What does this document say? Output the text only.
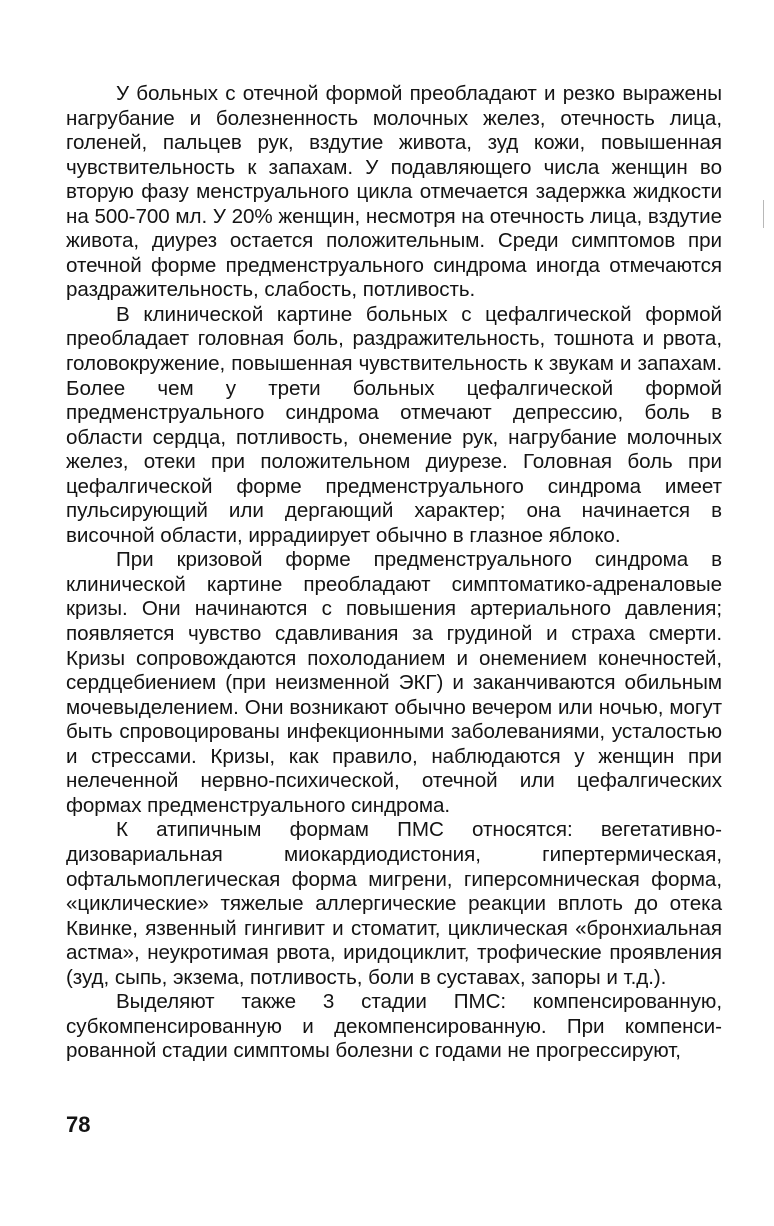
У больных с отечной формой преобладают и резко выражены нагрубание и болезненность молочных желез, отечность лица, голеней, пальцев рук, вздутие живота, зуд кожи, повышенная чувствительность к запахам. У подавляющего числа женщин во вторую фазу менструального цикла отмечается задержка жидкости на 500-700 мл. У 20% женщин, несмотря на отечность лица, вздутие живота, диурез остается положительным. Среди симптомов при отечной форме предменструального синдрома иногда отмечаются раздражительность, слабость, потливость.

В клинической картине больных с цефалгической формой преобладает головная боль, раздражительность, тошнота и рвота, головокружение, повышенная чувствительность к звукам и запахам. Более чем у трети больных цефалгической формой предменструального синдрома отмечают депрессию, боль в области сердца, потливость, онемение рук, нагрубание молочных желез, отеки при положительном диурезе. Головная боль при цефалгической форме предменструального синдрома имеет пульсирующий или дергающий характер; она начинается в височной области, иррадиирует обычно в глазное яблоко.

При кризовой форме предменструального синдрома в клинической картине преобладают симптоматико-адреналовые кризы. Они начинаются с повышения артериального давления; появляется чувство сдавливания за грудиной и страха смерти. Кризы сопровождаются похолоданием и онемением конечностей, сердцебиением (при неизменной ЭКГ) и заканчиваются обильным мочевыделением. Они возникают обычно вечером или ночью, могут быть спровоцированы инфекционными заболеваниями, усталостью и стрессами. Кризы, как правило, наблюдаются у женщин при нелеченной нервно-психической, отечной или цефалгических формах предменструального синдрома.

К атипичным формам ПМС относятся: вегетативно-дизовариальная миокардиодистония, гипертермическая, офтальмоплегическая форма мигрени, гиперсомническая форма, «циклические» тяжелые аллергические реакции вплоть до отека Квинке, язвенный гингивит и стоматит, циклическая «бронхиальная астма», неукротимая рвота, иридоциклит, трофические проявления (зуд, сыпь, экзема, потливость, боли в суставах, запоры и т.д.).

Выделяют также 3 стадии ПМС: компенсированную, субкомпенсированную и декомпенсированную. При компенсированной стадии симптомы болезни с годами не прогрессируют,

78
